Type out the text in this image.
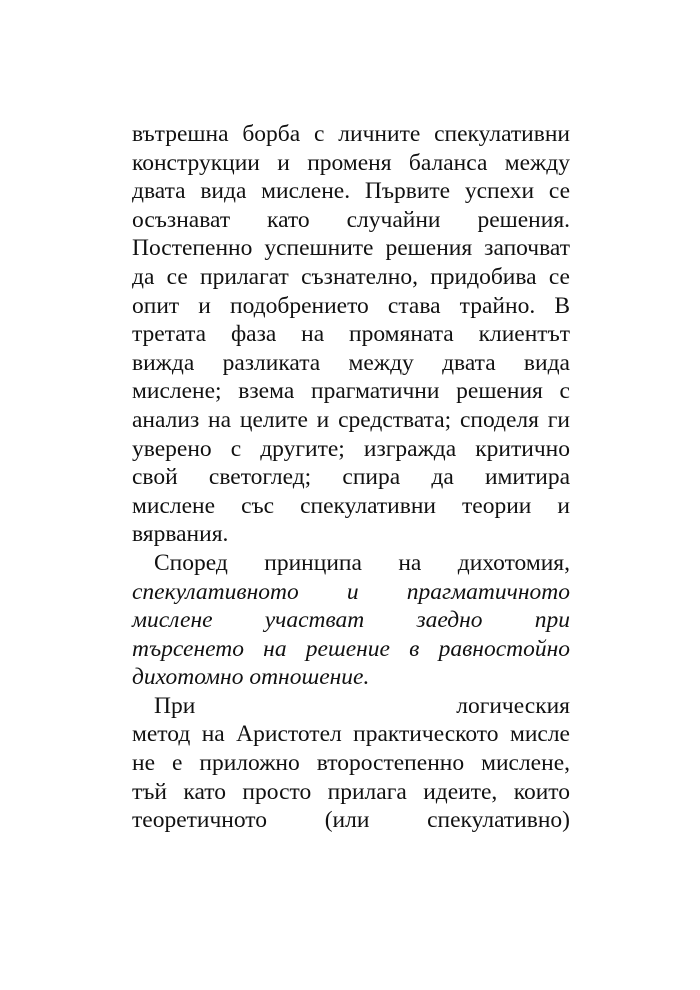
вътрешна борба с личните спекулативни
конструкции и променя баланса между
двата вида мислене. Първите успехи се
осъзнават като случайни решения.
Постепенно успешните решения започват
да се прилагат съзнателно, придобива се
опит и подобрението става трайно. В
третата фаза на промяната клиентът
вижда разликата между двата вида
мислене; взема прагматични решения с
анализ на целите и средствата; споделя ги
уверено с другите; изгражда критично
свой светоглед; спира да имитира
мислене със спекулативни теории и
вярвания.
Според принципа на дихотомия,
спекулативното и прагматичното
мислене участват заедно при
търсенето на решение в равностойно
дихотомно отношение.
При логическия
метод на Аристотел практическото мисле
не е приложно второстепенно мислене,
тъй като просто прилага идеите, които
теоретичното (или спекулативно)
